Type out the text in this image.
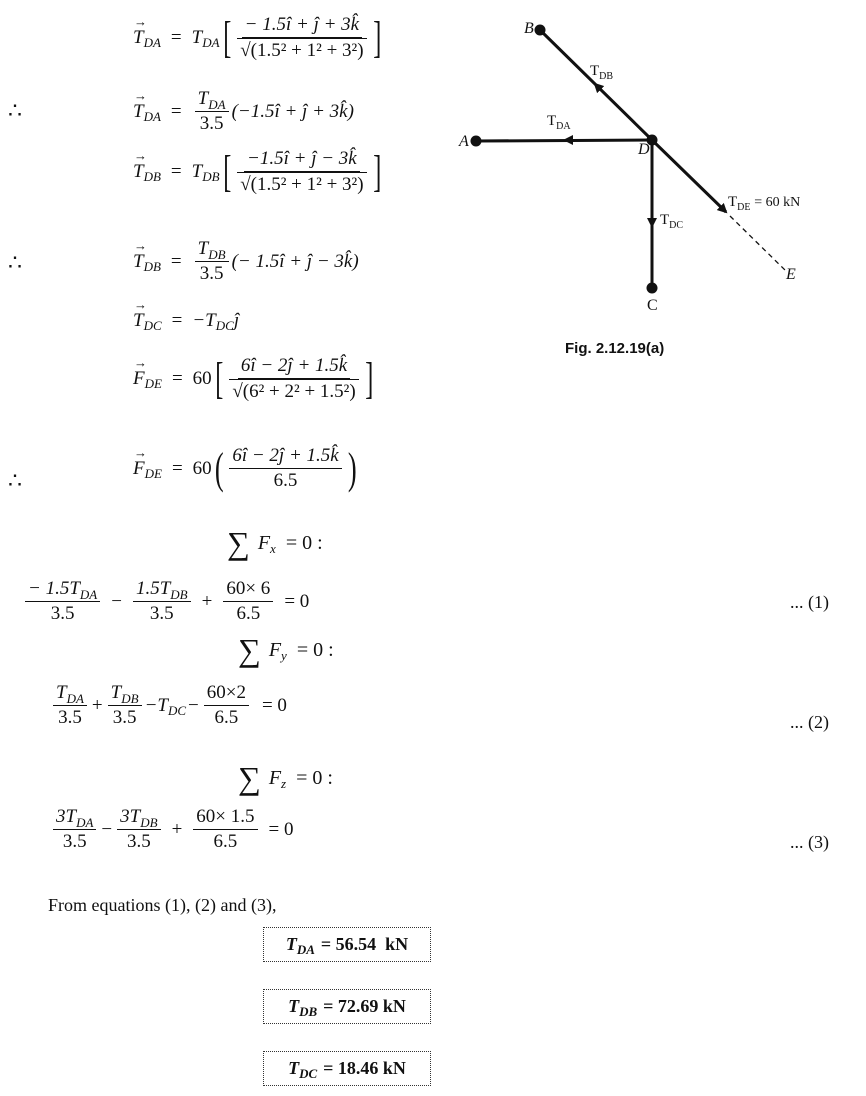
→ T DA = T DA [ $\frac{- 1.5î + ĵ + 3k̂}{\text{√(1.5² + 1² + 3²)}}$ ]
∴	→ T DA = $\frac{T_{DA}}{3.5}$ (−1.5î + ĵ + 3k̂)
→ T DB = T DB [ $\frac{-1.5î + ĵ - 3k̂}{\text{√(1.5² + 1² + 3²)}}$ ]
∴	→ T DB = $\frac{T_{DB}}{3.5}$ (− 1.5î + ĵ − 3k̂)
→ T DC = −T DC ĵ
→ F DE = 60 [ $\frac{6î - 2ĵ + 1.5k̂}{\text{√(6² + 2² + 1.5²)}}$ ]
∴	→ F DE = 60 ( $\frac{6î - 2ĵ + 1.5k̂}{6.5}$ )
∑ F x = 0 :
$\frac{- 1.5T_{DA}}{3.5} - \frac{1.5T_{DB}}{3.5} + \frac{60\times 6}{6.5} = 0$	... (1)
∑ F y = 0 :
$\frac{T_{DA}}{3.5} + \frac{T_{DB}}{3.5} -T$ DC − $\frac{60\times 2}{6.5} = 0$
... (2)
∑ F z = 0 :
$\frac{3T_{DA}}{3.5} - \frac{3T_{DB}}{3.5} + \frac{60\times 1.5}{6.5} = 0$
... (3)
From equations (1), (2) and (3),
T DA = 56.54  kN
T DB = 72.69 kN
T DC = 18.46 kN
B
A	D
C
E
$T_{DB}$
$T_{DA}$
$T_{DC}$
$T_{DE} = 60$ kN
Fig. 2.12.19(a)
